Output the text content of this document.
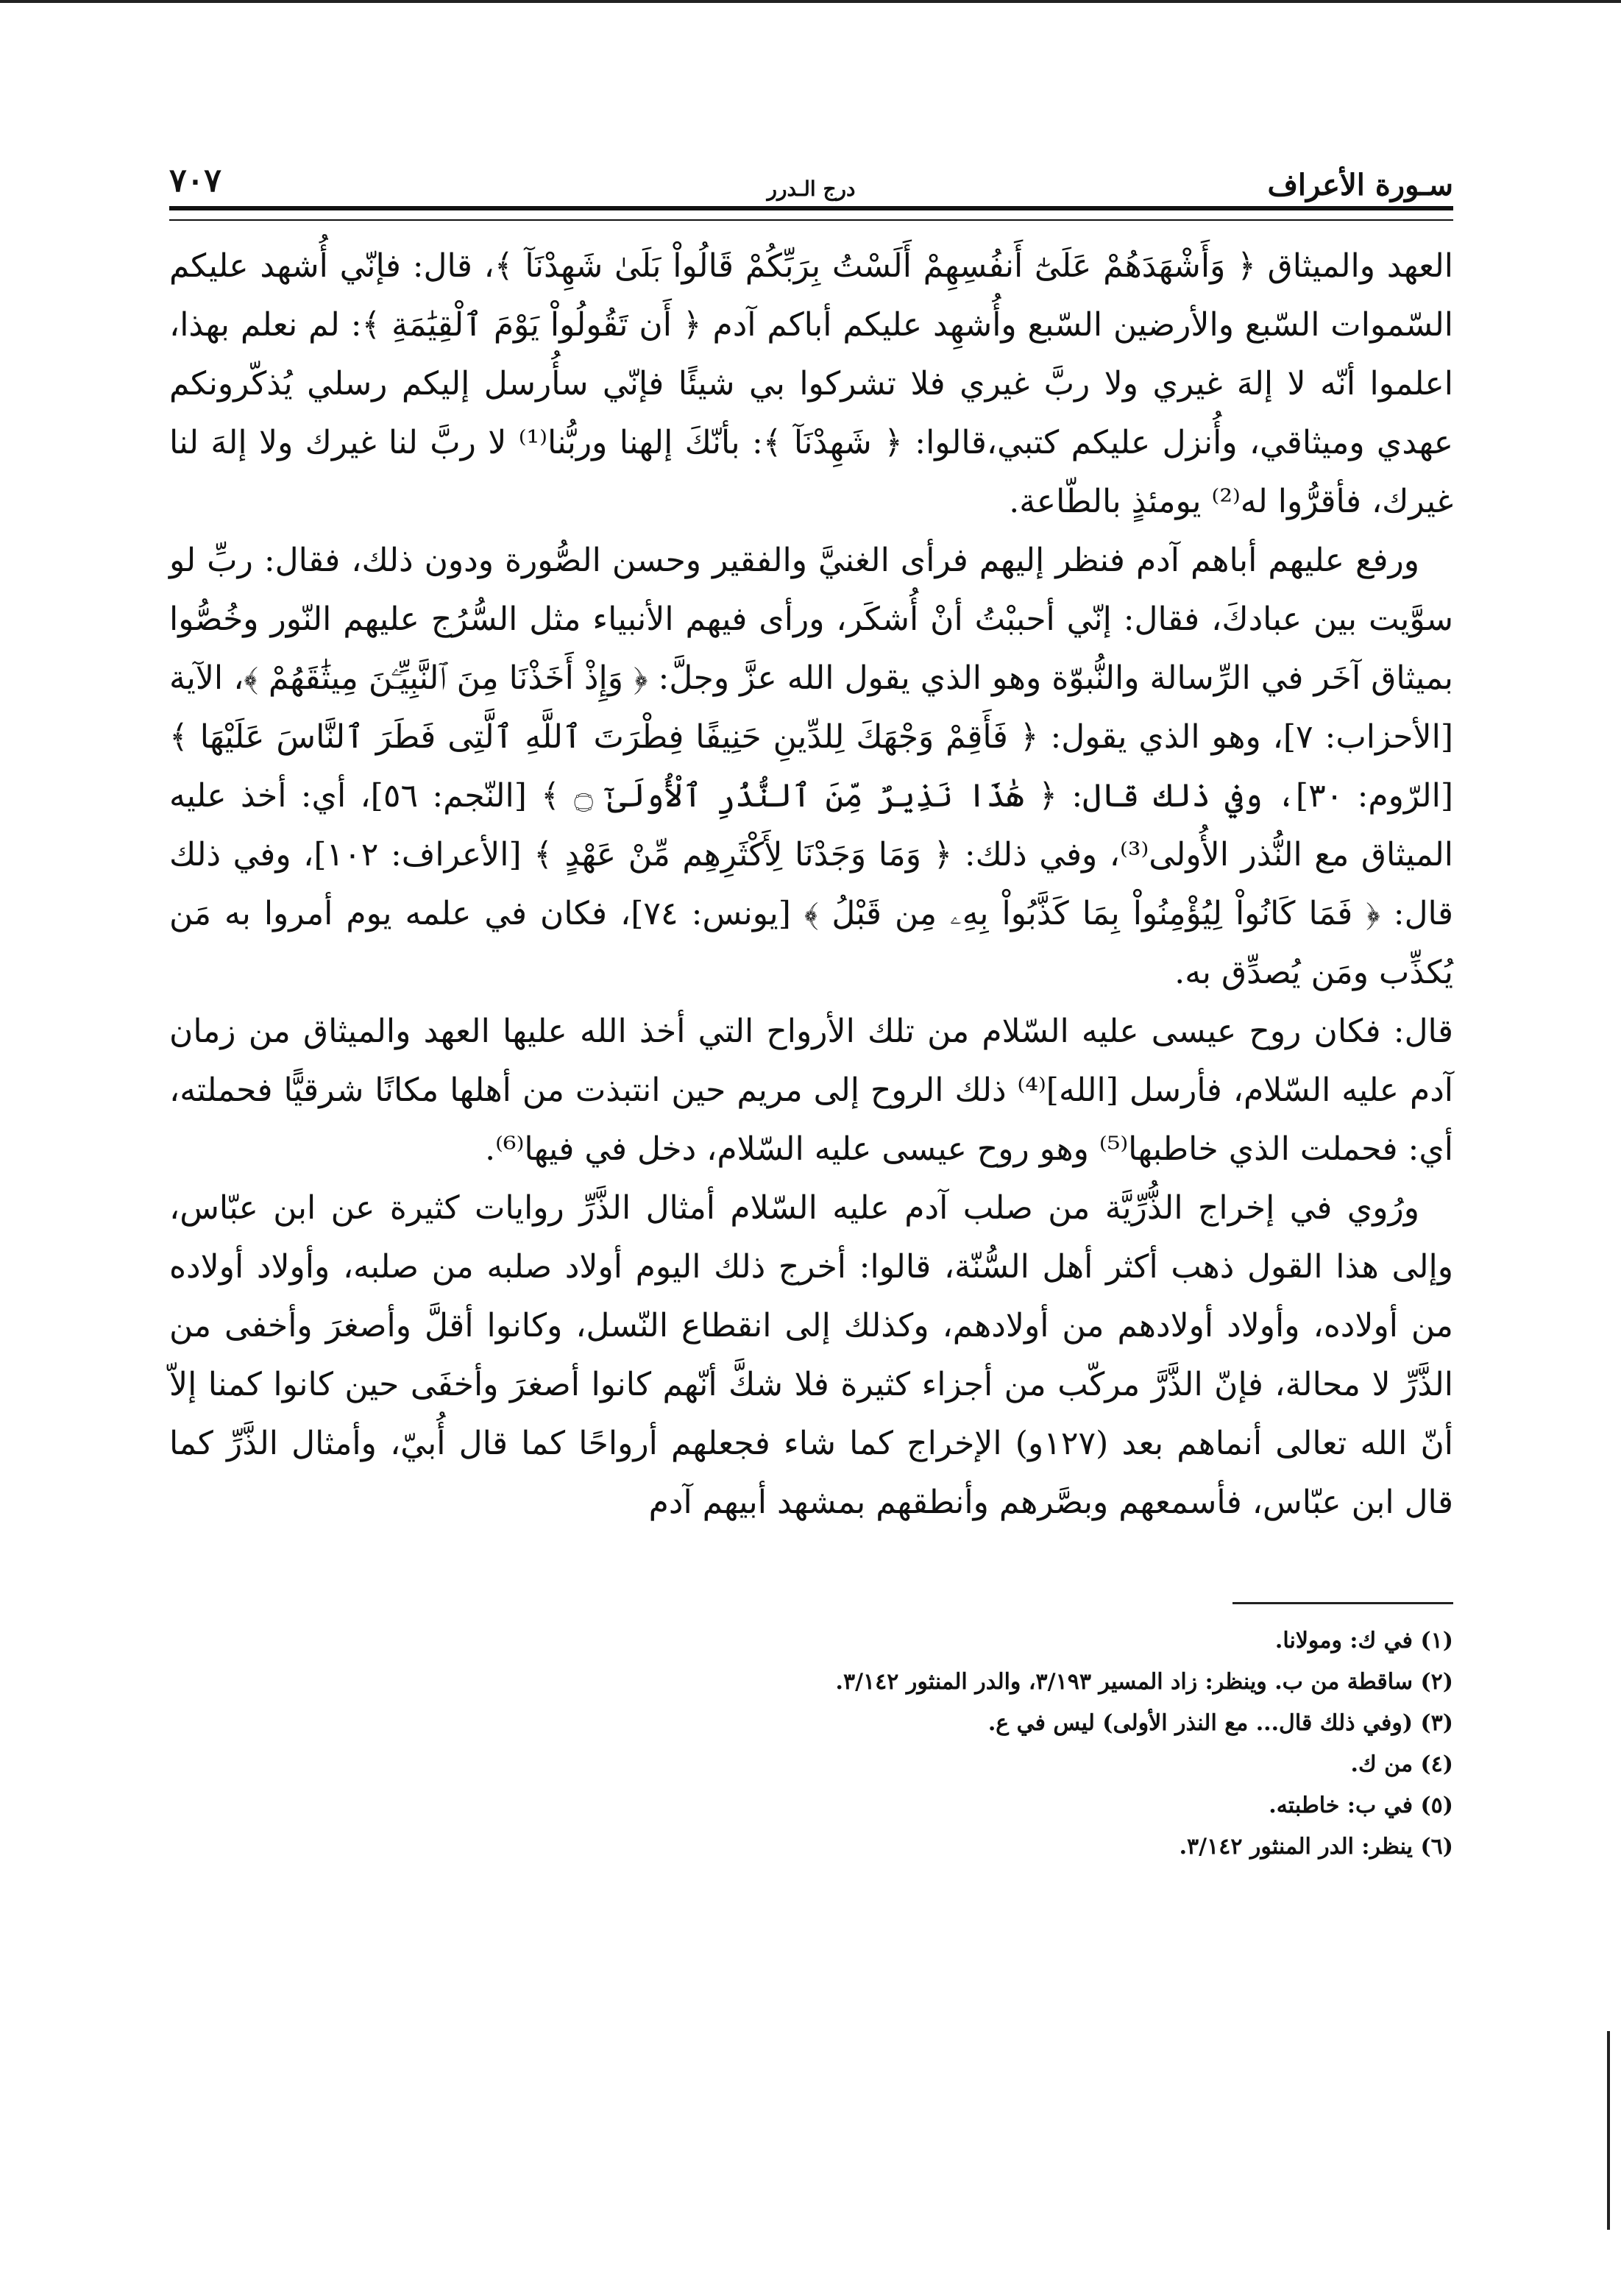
سـورة الأعراف
درج الـدرر
٧٠٧

العهد والميثاق ﴿ وَأَشْهَدَهُمْ عَلَىٰٓ أَنفُسِهِمْ أَلَسْتُ بِرَبِّكُمْ قَالُواْ بَلَىٰ شَهِدْنَآ ﴾، قال: فإنّي أُشهد عليكم السّموات السّبع والأرضين السّبع وأُشهِد عليكم أباكم آدم ﴿ أَن تَقُولُواْ يَوْمَ ٱلْقِيَٰمَةِ ﴾: لم نعلم بهذا، اعلموا أنّه لا إلهَ غيري ولا ربَّ غيري فلا تشركوا بي شيئًا فإنّي سأُرسل إليكم رسلي يُذكّرونكم عهدي وميثاقي، وأُنزل عليكم كتبي،قالوا: ﴿ شَهِدْنَآ ﴾: بأنّكَ إلهنا وربُّنا⁽¹⁾ لا ربَّ لنا غيرك ولا إلهَ لنا غيرك، فأقرُّوا له⁽²⁾ يومئذٍ بالطّاعة.

ورفع عليهم أباهم آدم فنظر إليهم فرأى الغنيَّ والفقير وحسن الصُّورة ودون ذلك، فقال: ربِّ لو سوَّيت بين عبادكَ، فقال: إنّي أحببْتُ أنْ أُشكَر، ورأى فيهم الأنبياء مثل السُّرُج عليهم النّور وخُصُّوا بميثاق آخَر في الرِّسالة والنُّبوّة وهو الذي يقول الله عزَّ وجلَّ: ﴿ وَإِذْ أَخَذْنَا مِنَ ٱلنَّبِيِّـۧنَ مِيثَٰقَهُمْ ﴾، الآية [الأحزاب: ٧]، وهو الذي يقول: ﴿ فَأَقِمْ وَجْهَكَ لِلدِّينِ حَنِيفًا فِطْرَتَ ٱللَّهِ ٱلَّتِى فَطَرَ ٱلنَّاسَ عَلَيْهَا ﴾ [الرّوم: ٣٠]، وفي ذلك قال: ﴿ هَٰذَا نَذِيرٌ مِّنَ ٱلنُّذُرِ ٱلْأُولَىٰٓ ۝ ﴾ [النّجم: ٥٦]، أي: أخذ عليه الميثاق مع النُّذر الأُولى⁽³⁾، وفي ذلك: ﴿ وَمَا وَجَدْنَا لِأَكْثَرِهِم مِّنْ عَهْدٍ ﴾ [الأعراف: ١٠٢]، وفي ذلك قال: ﴿ فَمَا كَانُواْ لِيُؤْمِنُواْ بِمَا كَذَّبُواْ بِهِۦ مِن قَبْلُ ﴾ [يونس: ٧٤]، فكان في علمه يوم أمروا به مَن يُكذِّب ومَن يُصدِّق به.

قال: فكان روح عيسى عليه السّلام من تلك الأرواح التي أخذ الله عليها العهد والميثاق من زمان آدم عليه السّلام، فأرسل [الله]⁽⁴⁾ ذلك الروح إلى مريم حين انتبذت من أهلها مكانًا شرقيًّا فحملته، أي: فحملت الذي خاطبها⁽⁵⁾ وهو روح عيسى عليه السّلام، دخل في فيها⁽⁶⁾.

ورُوي في إخراج الذُّرِّيَّة من صلب آدم عليه السّلام أمثال الذَّرِّ روايات كثيرة عن ابن عبّاس، وإلى هذا القول ذهب أكثر أهل السُّنّة، قالوا: أخرج ذلك اليوم أولاد صلبه من صلبه، وأولاد أولاده من أولاده، وأولاد أولادهم من أولادهم، وكذلك إلى انقطاع النّسل، وكانوا أقلَّ وأصغرَ وأخفى من الذَّرِّ لا محالة، فإنّ الذَّرَّ مركّب من أجزاء كثيرة فلا شكَّ أنّهم كانوا أصغرَ وأخفَى حين كانوا كمنا إلاّ أنّ الله تعالى أنماهم بعد (١٢٧و) الإخراج كما شاء فجعلهم أرواحًا كما قال أُبيّ، وأمثال الذَّرِّ كما قال ابن عبّاس، فأسمعهم وبصَّرهم وأنطقهم بمشهد أبيهم آدم

(١) في ك: ومولانا.

(٢) ساقطة من ب. وينظر: زاد المسير ٣/١٩٣، والدر المنثور ٣/١٤٢.

(٣) (وفي ذلك قال... مع النذر الأولى) ليس في ع.

(٤) من ك.

(٥) في ب: خاطبته.

(٦) ينظر: الدر المنثور ٣/١٤٢.
